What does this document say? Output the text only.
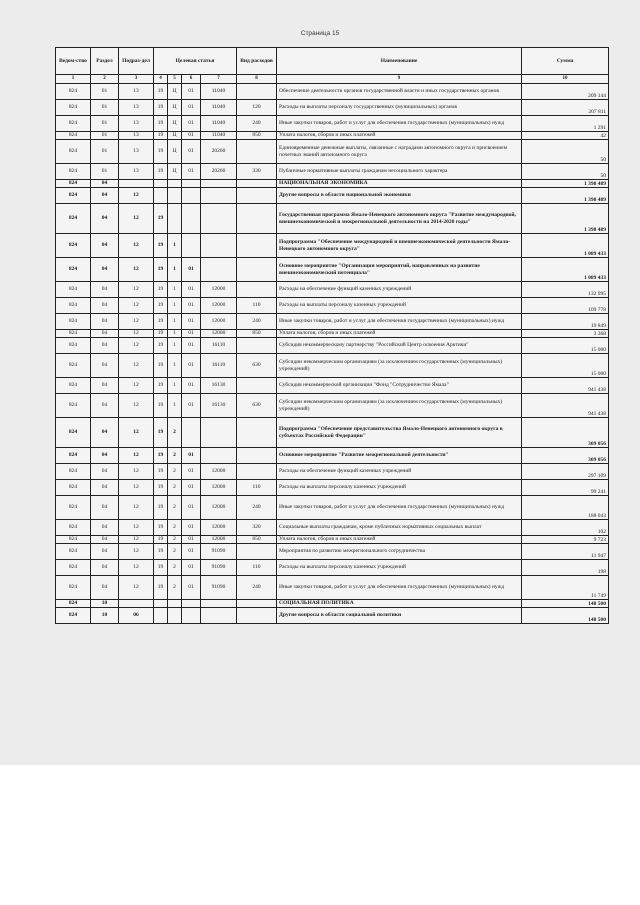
Страница 15
Ведом-ство	Раздел	Подраз-дел	Целевая статья				Вид расходов	Наименование	Сумма
1	2	3	4	5	6	7	8	9	10
824	01	13	19	Ц	01	11040		Обеспечение деятельности органов государственной власти и иных государственных органов	209 144
824	01	13	19	Ц	01	11040	120	Расходы на выплаты персоналу государственных (муниципальных) органов	207 811
824	01	13	19	Ц	01	11040	240	Иные закупки товаров, работ и услуг для обеспечения государственных (муниципальных) нужд	1 291
824	01	13	19	Ц	01	11040	850	Уплата налогов, сборов и иных платежей	42
824	01	13	19	Ц	01	20260		Единовременные денежные выплаты, связанные с наградами автономного округа и присвоением почетных званий автономного округа	50
824	01	13	19	Ц	01	20260	330	Публичные нормативные выплаты гражданам несоциального характера	50
824	04							НАЦИОНАЛЬНАЯ ЭКОНОМИКА	1 398 489
824	04	12						Другие вопросы в области национальной экономики	1 398 489
824	04	12	19					Государственная программа Ямало-Ненецкого автономного округа "Развитие международной, внешнеэкономической и межрегиональной деятельности на 2014-2020 годы"	1 398 489
824	04	12	19	1				Подпрограмма "Обеспечение международной и внешнеэкономической деятельности Ямало-Ненецкого автономного округа"	1 089 433
824	04	12	19	1	01			Основное мероприятие "Организация мероприятий, направленных на развитие внешнеэкономический потенциала"	1 089 433
824	04	12	19	1	01	12000		Расходы на обеспечение функций казенных учреждений	132 995
824	04	12	19	1	01	12000	110	Расходы на выплаты персоналу казенных учреждений	109 778
824	04	12	19	1	01	12000	240	Иные закупки товаров, работ и услуг для обеспечения государственных (муниципальных) нужд	19 849
824	04	12	19	1	01	12000	850	Уплата налогов, сборов и иных платежей	3 368
824	04	12	19	1	01	16110		Субсидия некоммерческому партнерству "Российский Центр освоения Арктики"	15 000
824	04	12	19	1	01	16110	630	Субсидии некоммерческим организациям (за исключением государственных (муниципальных) учреждений)	15 000
824	04	12	19	1	01	16130		Субсидия некоммерческой организации "Фонд "Сотрудничество Ямала"	941 438
824	04	12	19	1	01	16130	630	Субсидии некоммерческим организациям (за исключением государственных (муниципальных) учреждений)	941 438
824	04	12	19	2				Подпрограмма "Обеспечение представительства Ямало-Ненецкого автономного округа в субъектах Российской Федерации"	309 056
824	04	12	19	2	01			Основное мероприятие "Развитие межрегиональной деятельности"	309 056
824	04	12	19	2	01	12000		Расходы на обеспечение функций казенных учреждений	297 109
824	04	12	19	2	01	12000	110	Расходы на выплаты персоналу казенных учреждений	99 241
824	04	12	19	2	01	12000	240	Иные закупки товаров, работ и услуг для обеспечения государственных (муниципальных) нужд	188 043
824	04	12	19	2	01	12000	320	Социальные выплаты гражданам, кроме публичных нормативных социальных выплат	102
824	04	12	19	2	01	12000	850	Уплата налогов, сборов и иных платежей	9 723
824	04	12	19	2	01	91090		Мероприятия по развитию межрегионального сотрудничества	11 947
824	04	12	19	2	01	91090	110	Расходы на выплаты персоналу казенных учреждений	198
824	04	12	19	2	01	91090	240	Иные закупки товаров, работ и услуг для обеспечения государственных (муниципальных) нужд	11 749
824	10							СОЦИАЛЬНАЯ ПОЛИТИКА	148 500
824	10	06						Другие вопросы в области социальной политики	148 500
